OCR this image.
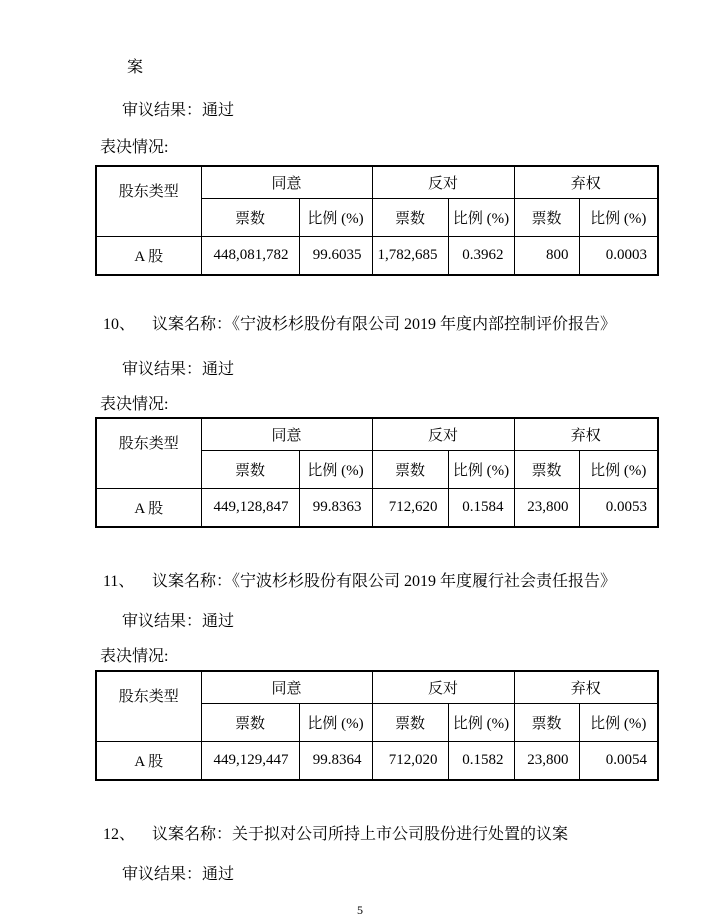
案
审议结果：通过
表决情况:
股东类型	同意		反对		弃权	
	票数	比例 (%)	票数	比例 (%)	票数	比例 (%)
A 股	448,081,782	99.6035	1,782,685	0.3962	800	0.0003
10、 议案名称：《宁波杉杉股份有限公司 2019 年度内部控制评价报告》
审议结果：通过
表决情况:
股东类型	同意		反对		弃权	
	票数	比例 (%)	票数	比例 (%)	票数	比例 (%)
A 股	449,128,847	99.8363	712,620	0.1584	23,800	0.0053
11、 议案名称：《宁波杉杉股份有限公司 2019 年度履行社会责任报告》
审议结果：通过
表决情况:
股东类型	同意		反对		弃权	
	票数	比例 (%)	票数	比例 (%)	票数	比例 (%)
A 股	449,129,447	99.8364	712,020	0.1582	23,800	0.0054
12、 议案名称：关于拟对公司所持上市公司股份进行处置的议案
审议结果：通过
5
